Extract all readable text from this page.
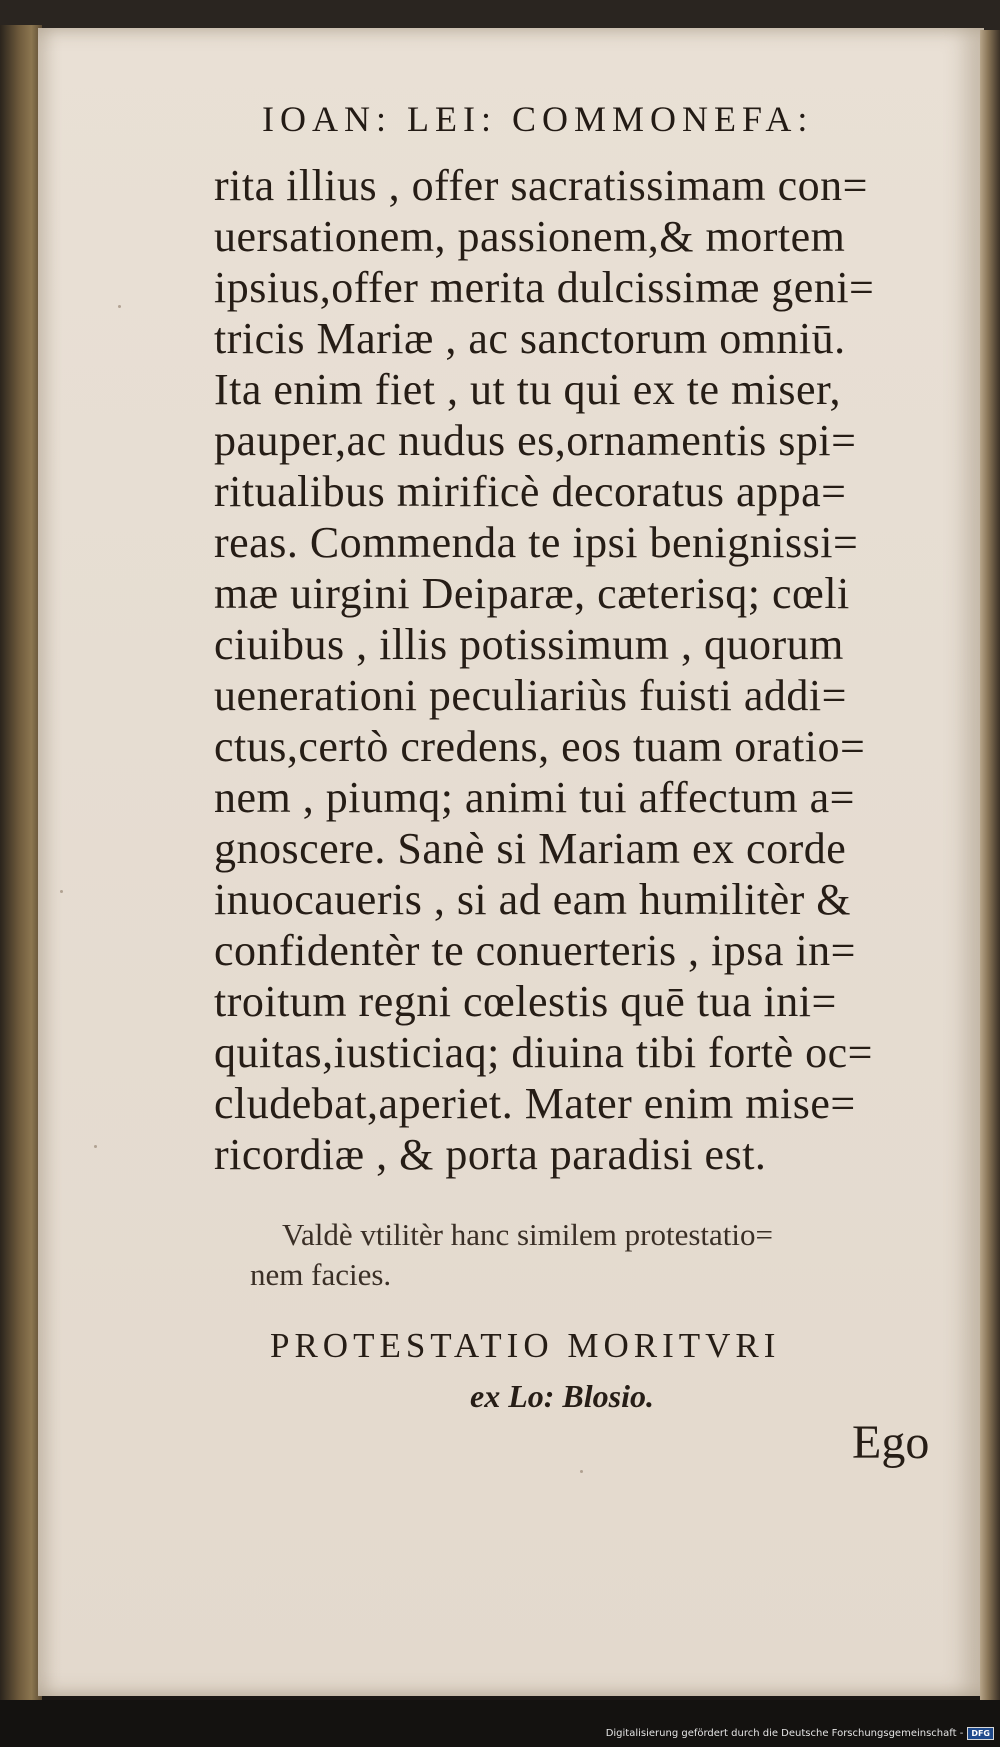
IOAN: LEI: COMMONEFA:
rita illius , offer sacratissimam con=
uersationem, passionem,& mortem
ipsius,offer merita dulcissimæ geni=
tricis Mariæ , ac sanctorum omniū.
Ita enim fiet , ut tu qui ex te miser,
pauper,ac nudus es,ornamentis spi=
ritualibus mirificè decoratus appa=
reas. Commenda te ipsi benignissi=
mæ uirgini Deiparæ, cæterisq; cœli
ciuibus , illis potissimum , quorum
uenerationi peculiariùs fuisti addi=
ctus,certò credens, eos tuam oratio=
nem , piumq; animi tui affectum a=
gnoscere. Sanè si Mariam ex corde
inuocaueris , si ad eam humilitèr &
confidentèr te conuerteris , ipsa in=
troitum regni cœlestis quē tua ini=
quitas,iusticiaq; diuina tibi fortè oc=
cludebat,aperiet. Mater enim mise=
ricordiæ , & porta paradisi est.
Valdè vtilitèr hanc similem protestatio=
nem facies.
PROTESTATIO MORITVRI
ex Lo: Blosio.
Ego
Digitalisierung gefördert durch die Deutsche Forschungsgemeinschaft -	DFG
